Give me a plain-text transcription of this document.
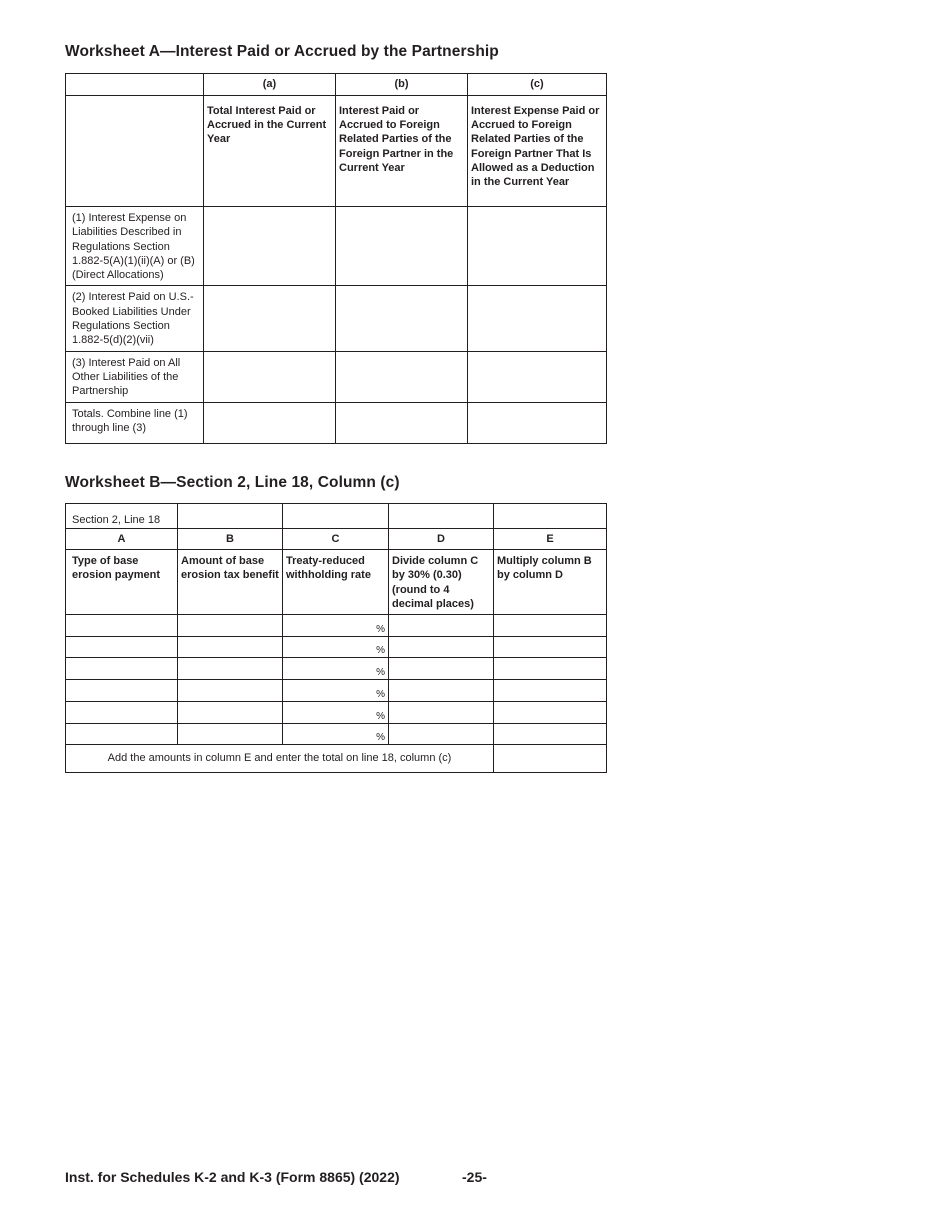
Worksheet A—Interest Paid or Accrued by the Partnership
	(a)	(b)	(c)
	Total Interest Paid or Accrued in the Current Year	Interest Paid or Accrued to Foreign Related Parties of the Foreign Partner in the Current Year	Interest Expense Paid or Accrued to Foreign Related Parties of the Foreign Partner That Is Allowed as a Deduction in the Current Year
(1) Interest Expense on Liabilities Described in Regulations Section 1.882-5(A)(1)(ii)(A) or (B) (Direct Allocations)			
(2) Interest Paid on U.S.-Booked Liabilities Under Regulations Section 1.882-5(d)(2)(vii)			
(3) Interest Paid on All Other Liabilities of the Partnership			
Totals. Combine line (1) through line (3)			
Worksheet B—Section 2, Line 18, Column (c)
Section 2, Line 18				
A	B	C	D	E
Type of base erosion payment	Amount of base erosion tax benefit	Treaty-reduced withholding rate	Divide column C by 30% (0.30) (round to 4 decimal places)	Multiply column B by column D
		%		
		%		
		%		
		%		
		%		
		%		
Add the amounts in column E and enter the total on line 18, column (c)				
Inst. for Schedules K-2 and K-3 (Form 8865) (2022)	-25-
